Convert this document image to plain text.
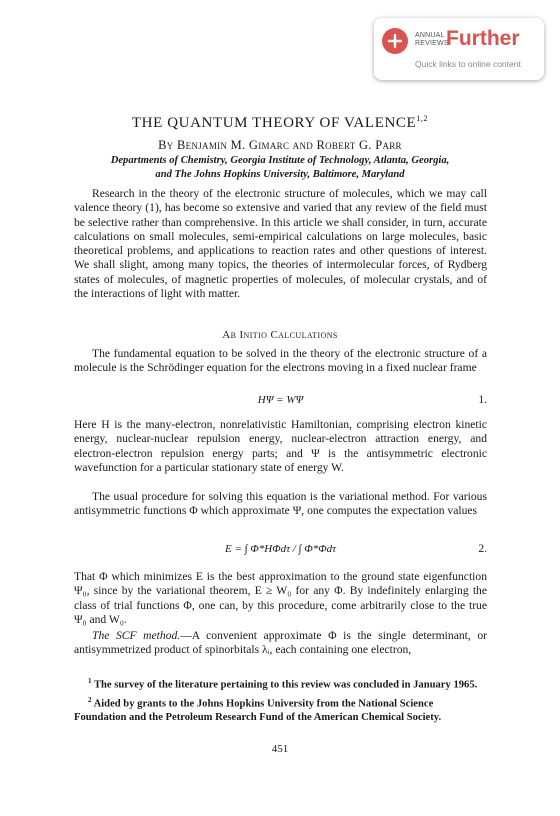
ANNUAL
REVIEWS
Further
Quick links to online content
THE QUANTUM THEORY OF VALENCE$^{1,2}$
By Benjamin M. Gimarc and Robert G. Parr
Departments of Chemistry, Georgia Institute of Technology, Atlanta, Georgia,
and The Johns Hopkins University, Baltimore, Maryland

Research in the theory of the electronic structure of molecules, which we may call valence theory (1), has become so extensive and varied that any review of the field must be selective rather than comprehensive. In this article we shall consider, in turn, accurate calculations on small molecules, semi-empirical calculations on large molecules, basic theoretical problems, and applications to reaction rates and other questions of interest. We shall slight, among many topics, the theories of intermolecular forces, of Rydberg states of molecules, of magnetic properties of molecules, of molecular crystals, and of the interactions of light with matter.

Ab Initio Calculations

The fundamental equation to be solved in the theory of the electronic structure of a molecule is the Schrödinger equation for the electrons moving in a fixed nuclear frame

HΨ = WΨ	1.

Here H is the many-electron, nonrelativistic Hamiltonian, comprising electron kinetic energy, nuclear-nuclear repulsion energy, nuclear-electron attraction energy, and electron-electron repulsion energy parts; and Ψ is the antisymmetric electronic wavefunction for a particular stationary state of energy W.

The usual procedure for solving this equation is the variational method. For various antisymmetric functions Φ which approximate Ψ, one computes the expectation values

E = ∫ Φ*HΦdτ / ∫ Φ*Φdτ	2.

That Φ which minimizes E is the best approximation to the ground state eigenfunction Ψ₀, since by the variational theorem, E ≥ W₀ for any Φ. By indefinitely enlarging the class of trial functions Φ, one can, by this procedure, come arbitrarily close to the true Ψ₀ and W₀.

The SCF method.—A convenient approximate Φ is the single determinant, or antisymmetrized product of spinorbitals λᵢ, each containing one electron,

$^1$ The survey of the literature pertaining to this review was concluded in January 1965.

$^2$ Aided by grants to the Johns Hopkins University from the National Science Foundation and the Petroleum Research Fund of the American Chemical Society.

451
